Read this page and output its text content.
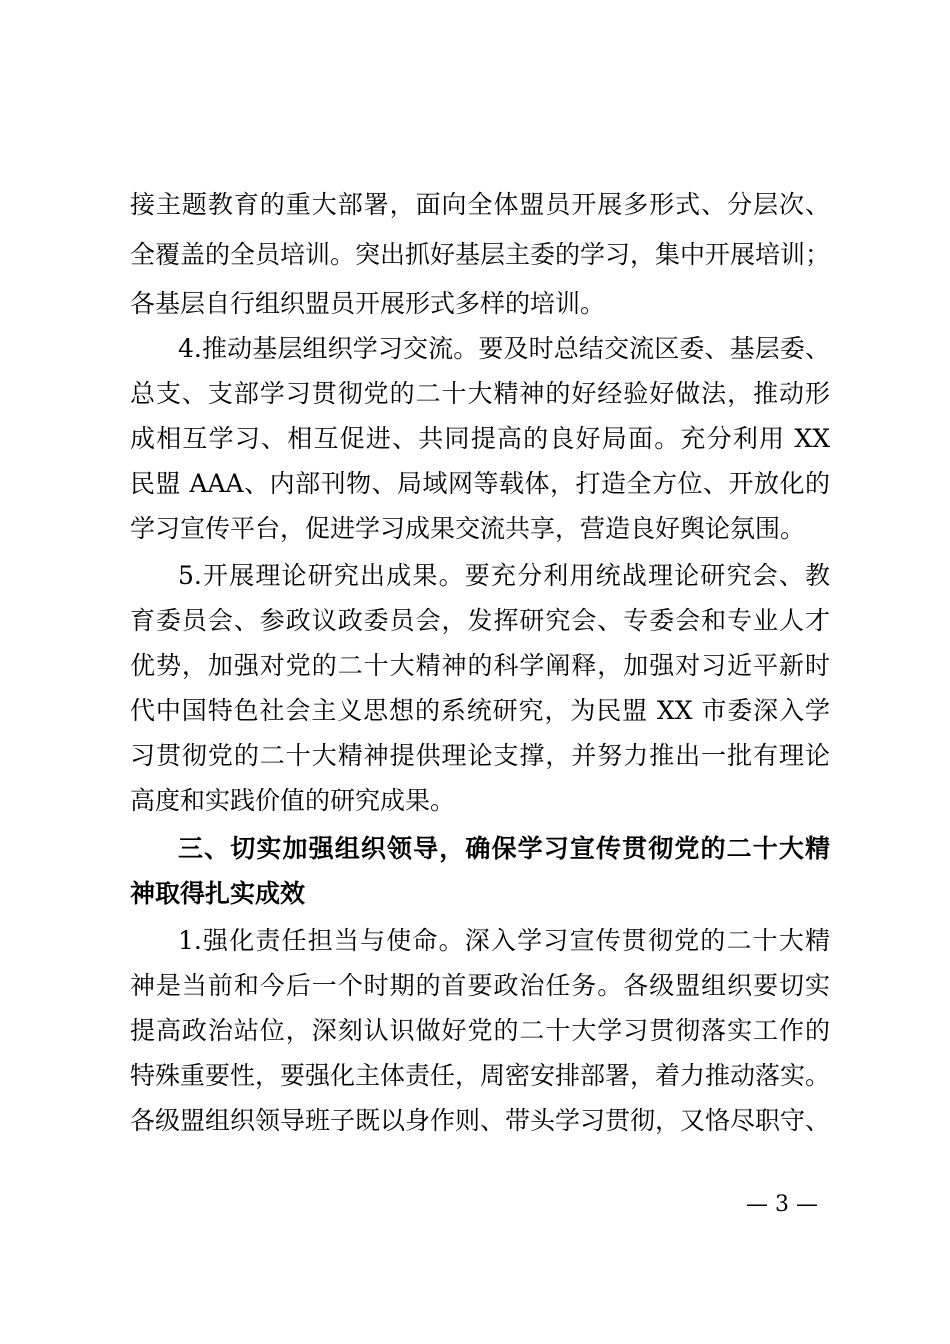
接主题教育的重大部署，面向全体盟员开展多形式、分层次、
全覆盖的全员培训。突出抓好基层主委的学习，集中开展培训；
各基层自行组织盟员开展形式多样的培训。
4.推动基层组织学习交流。要及时总结交流区委、基层委、
总支、支部学习贯彻党的二十大精神的好经验好做法，推动形
成相互学习、相互促进、共同提高的良好局面。充分利用 XX
民盟 AAA、内部刊物、局域网等载体，打造全方位、开放化的
学习宣传平台，促进学习成果交流共享，营造良好舆论氛围。
5.开展理论研究出成果。要充分利用统战理论研究会、教
育委员会、参政议政委员会，发挥研究会、专委会和专业人才
优势，加强对党的二十大精神的科学阐释，加强对习近平新时
代中国特色社会主义思想的系统研究，为民盟 XX 市委深入学
习贯彻党的二十大精神提供理论支撑，并努力推出一批有理论
高度和实践价值的研究成果。
三、切实加强组织领导，确保学习宣传贯彻党的二十大精
神取得扎实成效
1.强化责任担当与使命。深入学习宣传贯彻党的二十大精
神是当前和今后一个时期的首要政治任务。各级盟组织要切实
提高政治站位，深刻认识做好党的二十大学习贯彻落实工作的
特殊重要性，要强化主体责任，周密安排部署，着力推动落实。
各级盟组织领导班子既以身作则、带头学习贯彻，又恪尽职守、
— 3 —
